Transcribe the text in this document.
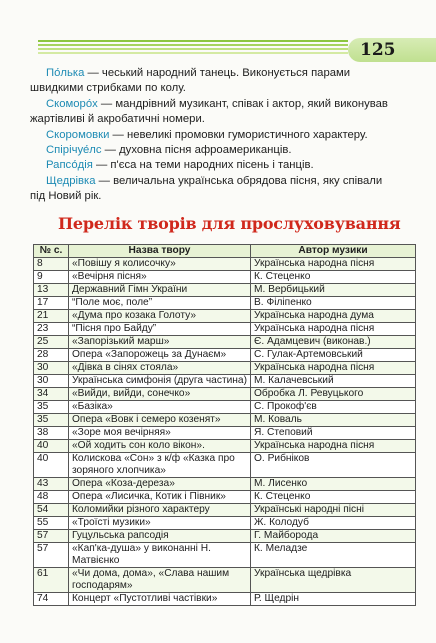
125

По́лька — чеський народний танець. Виконується парами швидкими стрибками по колу.

Скоморо́х — мандрівний музикант, співак і актор, який виконував жартівливі й акробатичні номери.

Скоромовки — невеликі промовки гумористичного характеру.

Спірічуе́лс — духовна пісня афроамериканців.

Рапсо́дія — п'єса на теми народних пісень і танців.

Щедрівка — величальна українська обрядова пісня, яку співали під Новий рік.

Перелік творів для прослуховування
№ с.	Назва твору	Автор музики
8	«Повішу я колисочку»	Українська народна пісня
9	«Вечірня пісня»	К. Стеценко
13	Державний Гімн України	М. Вербицький
17	“Поле моє, поле”	В. Філіпенко
21	«Дума про козака Голоту»	Українська народна дума
23	“Пісня про Байду”	Українська народна пісня
25	«Запорізький марш»	Є. Адамцевич (виконав.)
28	Опера «Запорожець за Дунаєм»	С. Гулак-Артемовський
30	«Дівка в сінях стояла»	Українська народна пісня
30	Українська симфонія (друга частина)	М. Калачевський
34	«Вийди, вийди, сонечко»	Обробка Л. Ревуцького
35	«Базіка»	С. Прокоф'єв
35	Опера «Вовк і семеро козенят»	М. Коваль
38	«Зоре моя вечірняя»	Я. Степовий
40	«Ой ходить сон коло вікон».	Українська народна пісня
40	Колискова «Сон» з к/ф «Казка про зоряного хлопчика»	О. Рибніков
43	Опера «Коза-дереза»	М. Лисенко
48	Опера «Лисичка, Котик і Півник»	К. Стеценко
54	Коломийки різного характеру	Українські народні пісні
55	«Троїсті музики»	Ж. Колодуб
57	Гуцульська рапсодія	Г. Майборода
57	«Кап'ка-душа» у виконанні Н. Матвієнко	К. Меладзе
61	«Чи дома, дома», «Слава нашим господарям»	Українська щедрівка
74	Концерт «Пустотливі частівки»	Р. Щедрін
